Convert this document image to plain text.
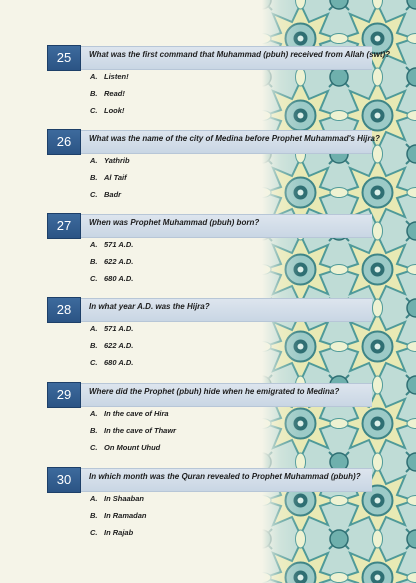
25	What was the first command that Muhammad (pbuh) received from Allah (swt)?
A. Listen!
B. Read!
C. Look!
26	What was the name of the city of Medina before Prophet Muhammad's Hijra?
A. Yathrib
B. Al Taif
C. Badr
27	When was Prophet Muhammad (pbuh) born?
A. 571 A.D.
B. 622 A.D.
C. 680 A.D.
28	In what year A.D. was the Hijra?
A. 571 A.D.
B. 622 A.D.
C. 680 A.D.
29	Where did the Prophet (pbuh) hide when he emigrated to Medina?
A. In the cave of Hira
B. In the cave of Thawr
C. On Mount Uhud
30	In which month was the Quran revealed to Prophet Muhammad (pbuh)?
A. In Shaaban
B. In Ramadan
C. In Rajab
